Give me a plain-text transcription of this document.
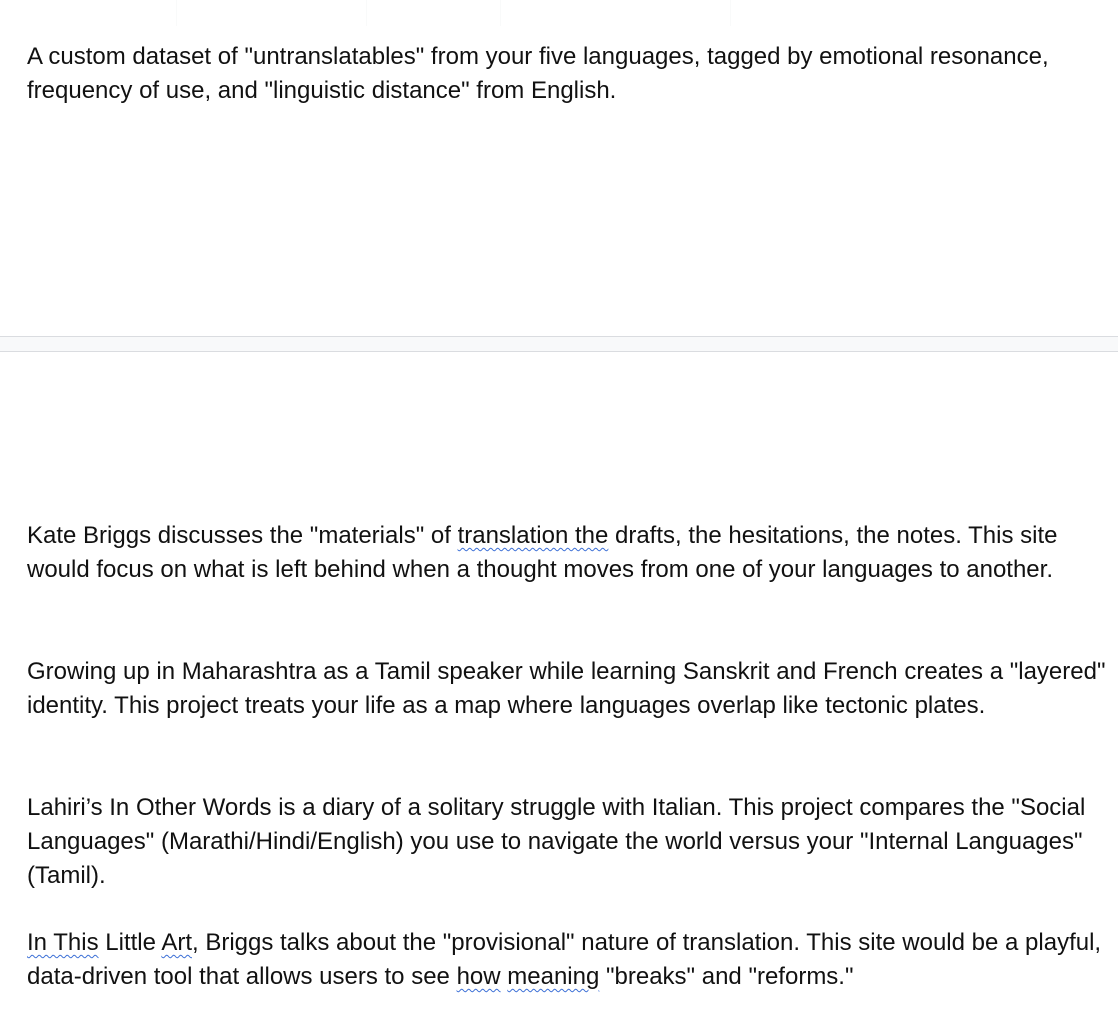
A custom dataset of "untranslatables" from your five languages, tagged by emotional resonance, frequency of use, and "linguistic distance" from English.

Kate Briggs discusses the "materials" of translation the drafts, the hesitations, the notes. This site would focus on what is left behind when a thought moves from one of your languages to another.

Growing up in Maharashtra as a Tamil speaker while learning Sanskrit and French creates a "layered" identity. This project treats your life as a map where languages overlap like tectonic plates.

Lahiri’s In Other Words is a diary of a solitary struggle with Italian. This project compares the "Social Languages" (Marathi/Hindi/English) you use to navigate the world versus your "Internal Languages" (Tamil).

In This Little Art, Briggs talks about the "provisional" nature of translation. This site would be a playful, data-driven tool that allows users to see how meaning "breaks" and "reforms."
